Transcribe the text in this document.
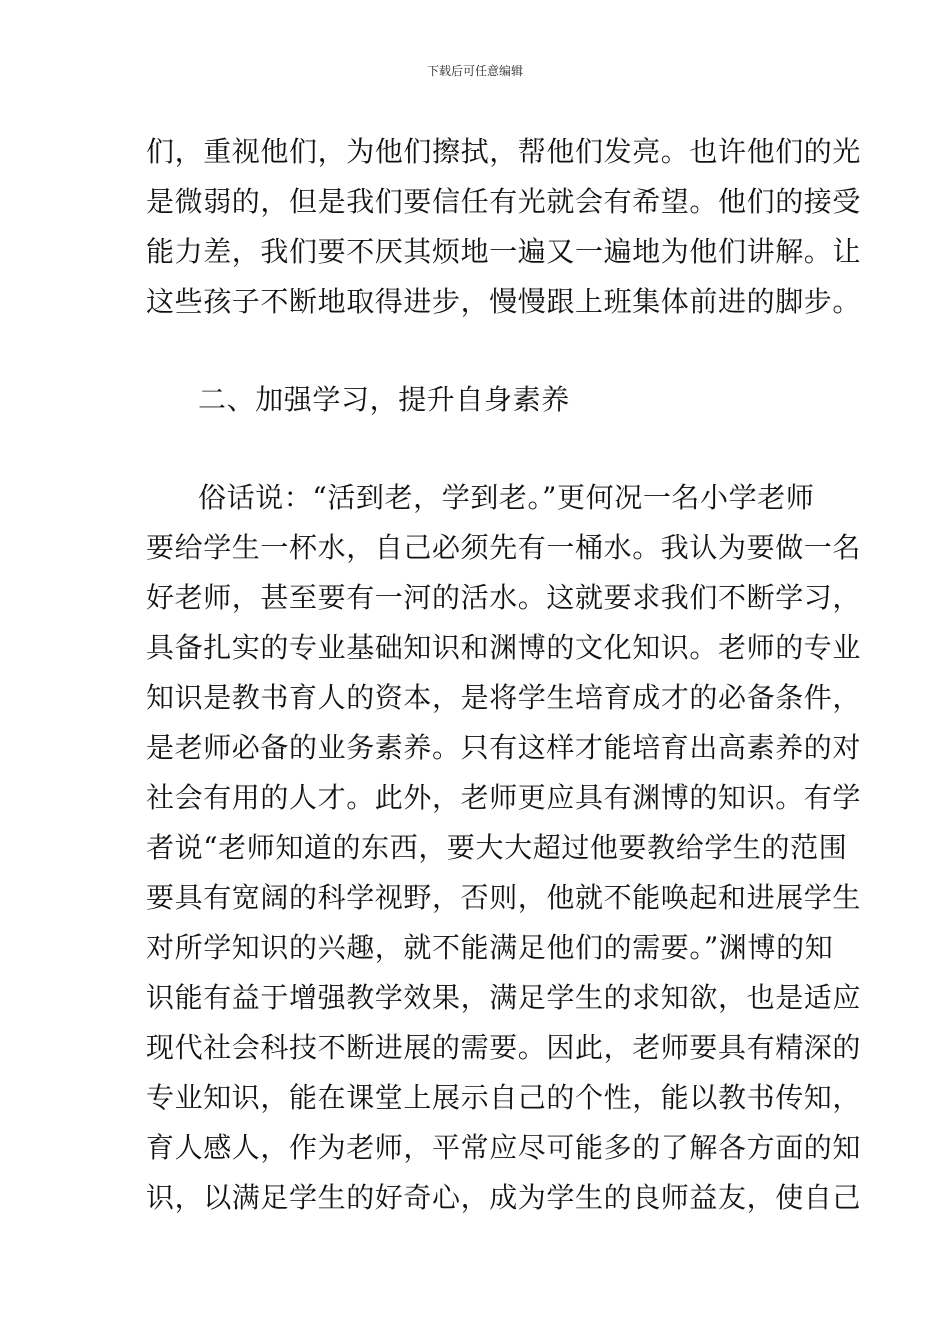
下载后可任意编辑
们，重视他们，为他们擦拭，帮他们发亮。也许他们的光
是微弱的，但是我们要信任有光就会有希望。他们的接受
能力差，我们要不厌其烦地一遍又一遍地为他们讲解。让
这些孩子不断地取得进步，慢慢跟上班集体前进的脚步。
二、加强学习，提升自身素养
俗话说：“活到老，学到老。”更何况一名小学老师
要给学生一杯水，自己必须先有一桶水。我认为要做一名
好老师，甚至要有一河的活水。这就要求我们不断学习，
具备扎实的专业基础知识和渊博的文化知识。老师的专业
知识是教书育人的资本，是将学生培育成才的必备条件，
是老师必备的业务素养。只有这样才能培育出高素养的对
社会有用的人才。此外，老师更应具有渊博的知识。有学
者说“老师知道的东西，要大大超过他要教给学生的范围
要具有宽阔的科学视野，否则，他就不能唤起和进展学生
对所学知识的兴趣，就不能满足他们的需要。”渊博的知
识能有益于增强教学效果，满足学生的求知欲，也是适应
现代社会科技不断进展的需要。因此，老师要具有精深的
专业知识，能在课堂上展示自己的个性，能以教书传知，
育人感人，作为老师，平常应尽可能多的了解各方面的知
识，以满足学生的好奇心，成为学生的良师益友，使自己
